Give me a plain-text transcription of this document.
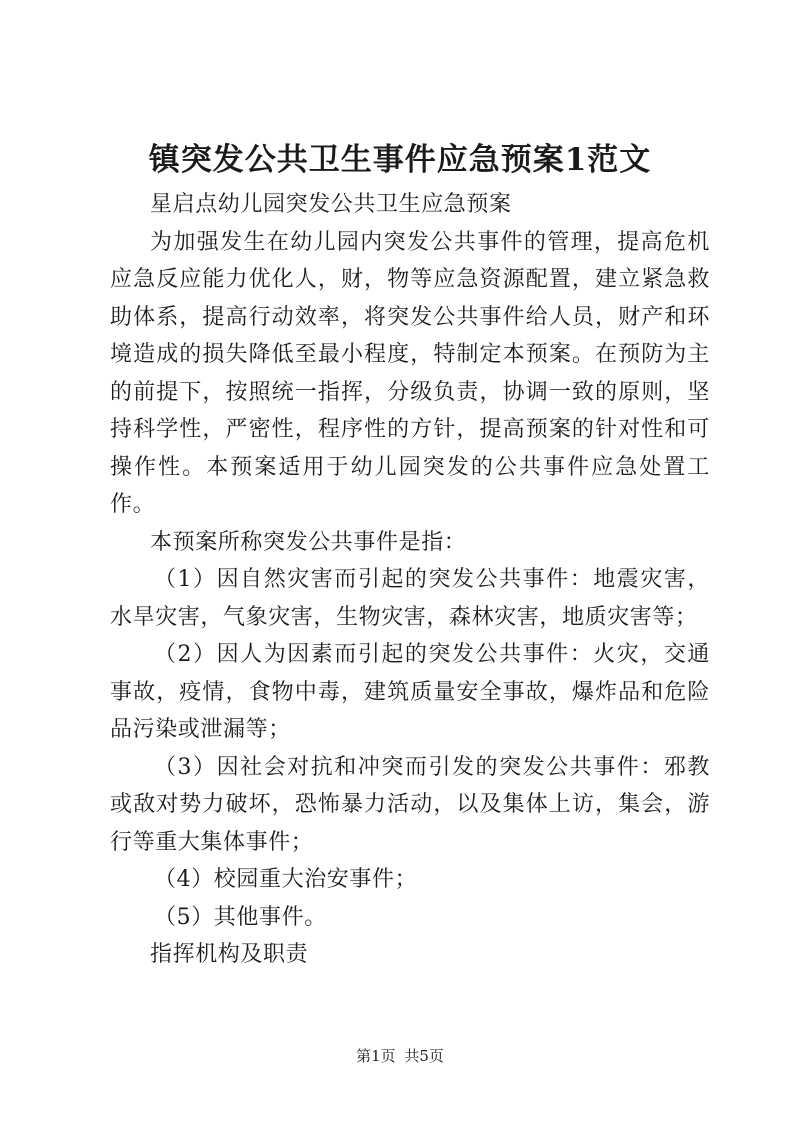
镇突发公共卫生事件应急预案1范文

星启点幼儿园突发公共卫生应急预案

为加强发生在幼儿园内突发公共事件的管理，提高危机应急反应能力优化人，财，物等应急资源配置，建立紧急救助体系，提高行动效率，将突发公共事件给人员，财产和环境造成的损失降低至最小程度，特制定本预案。在预防为主的前提下，按照统一指挥，分级负责，协调一致的原则，坚持科学性，严密性，程序性的方针，提高预案的针对性和可操作性。本预案适用于幼儿园突发的公共事件应急处置工作。

本预案所称突发公共事件是指：

（1）因自然灾害而引起的突发公共事件：地震灾害，水旱灾害，气象灾害，生物灾害，森林灾害，地质灾害等；

（2）因人为因素而引起的突发公共事件：火灾，交通事故，疫情，食物中毒，建筑质量安全事故，爆炸品和危险品污染或泄漏等；

（3）因社会对抗和冲突而引发的突发公共事件：邪教或敌对势力破坏，恐怖暴力活动，以及集体上访，集会，游行等重大集体事件；

（4）校园重大治安事件；

（5）其他事件。

指挥机构及职责

第1页 共5页
